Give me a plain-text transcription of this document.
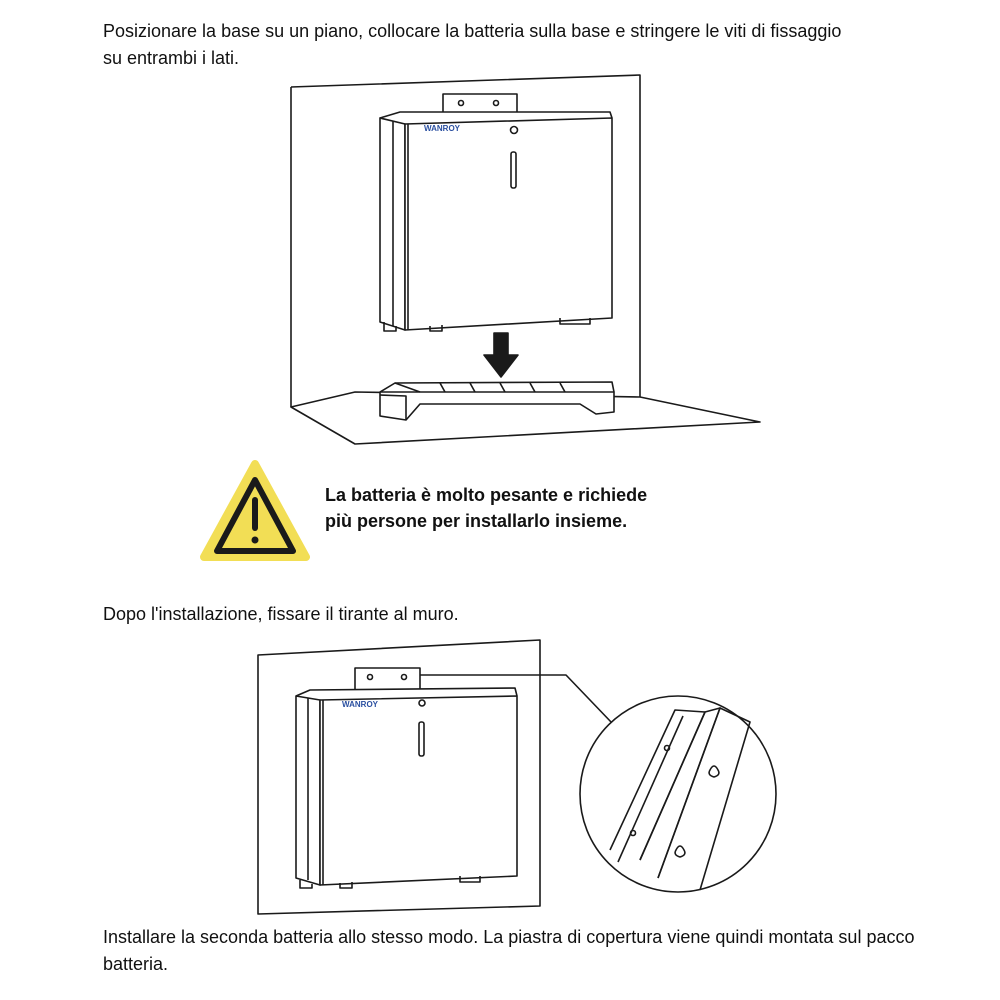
Posizionare la base su un piano, collocare la batteria sulla base e stringere le viti di fissaggio su entrambi i lati.

WANROY

La batteria è molto pesante e richiede
più persone per installarlo insieme.

Dopo l'installazione, fissare il tirante al muro.

WANROY

Installare la seconda batteria allo stesso modo. La piastra di copertura viene quindi montata sul pacco batteria.
